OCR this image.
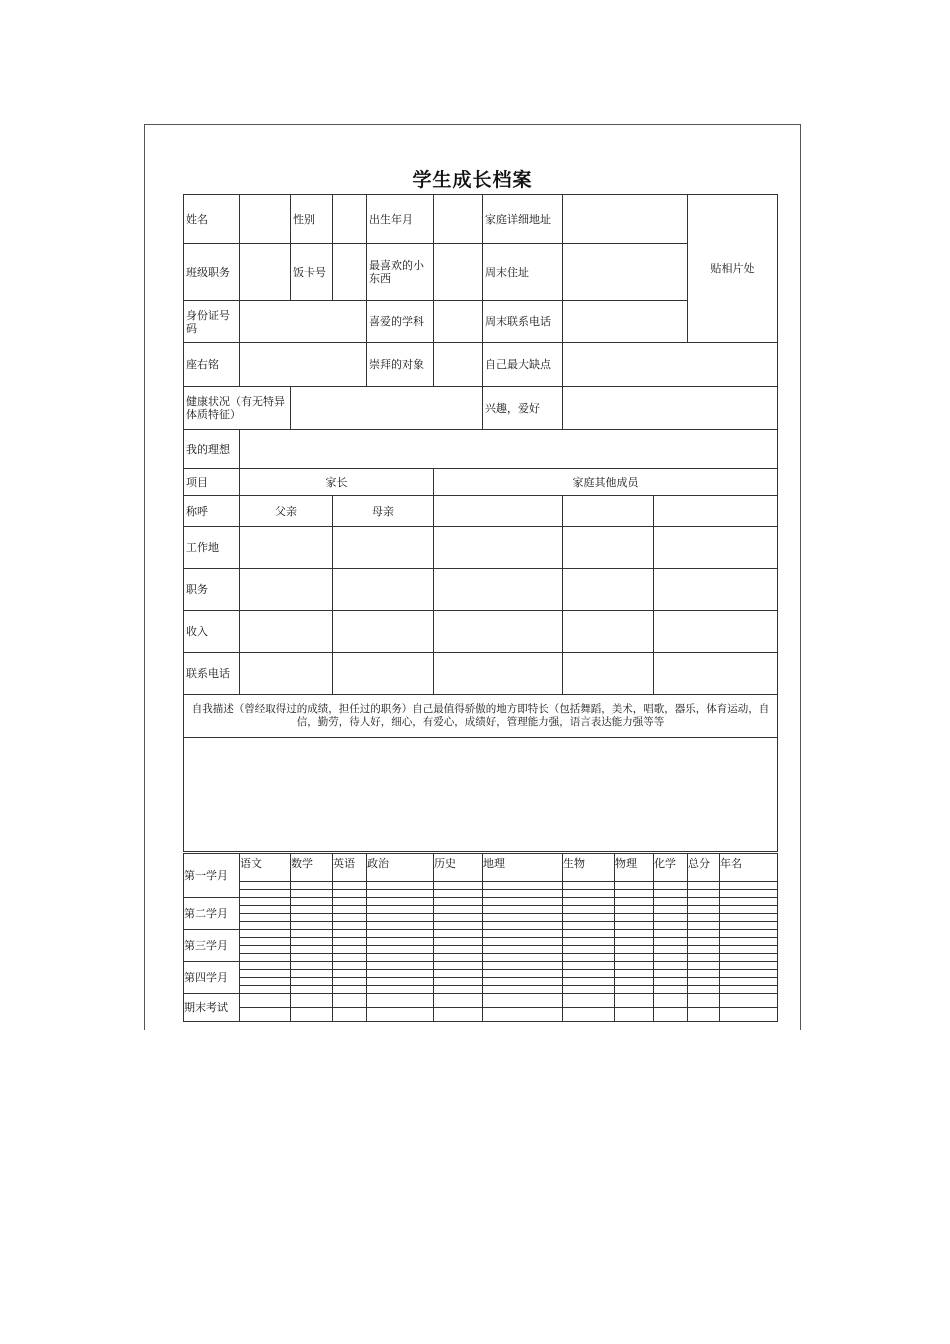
学生成长档案
姓名		性别		出生年月		家庭详细地址			贴相片处
班级职务		饭卡号		最喜欢的小东西		周末住址			
身份证号码				喜爱的学科		周末联系电话			
座右铭				崇拜的对象		自己最大缺点			
健康状况（有无特异体质特征）						兴趣，爱好			
我的理想									
项目	家长				家庭其他成员				
称呼	父亲		母亲						
工作地									
职务									
收入									
联系电话									
自我描述（曾经取得过的成绩，担任过的职务）自己最值得骄傲的地方即特长（包括舞蹈，美术，唱歌，器乐，体育运动，自信，勤劳，待人好，细心，有爱心，成绩好，管理能力强，语言表达能力强等等									

第一学月	语文	数学	英语	政治	历史	地理	生物	物理	化学	总分	年名

第二学月											

第三学月											

第四学月											

期末考试											
